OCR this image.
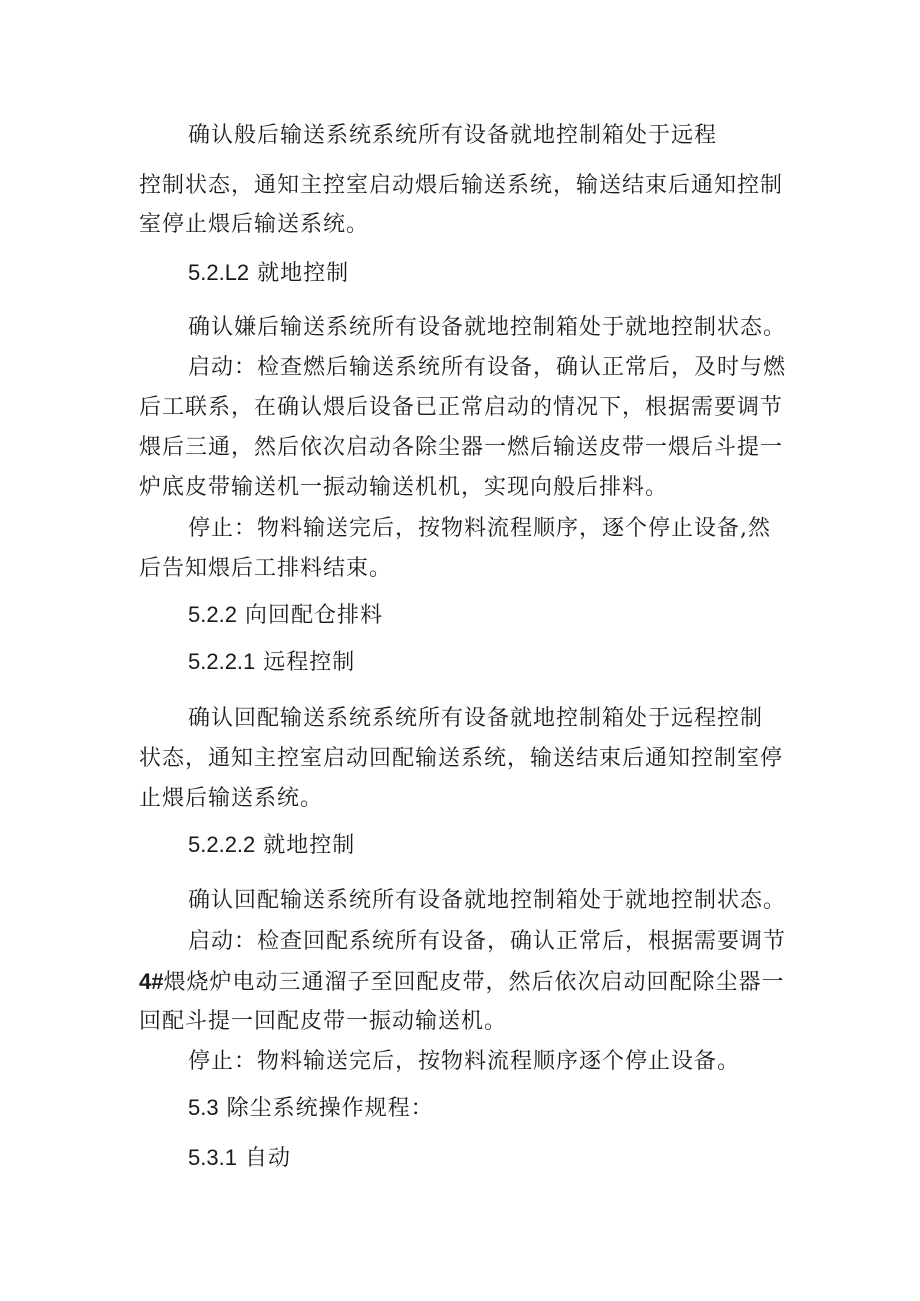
确认般后输送系统系统所有设备就地控制箱处于远程

控制状态，通知主控室启动煨后输送系统，输送结束后通知控制

室停止煨后输送系统。

5.2.L2 就地控制

确认嫌后输送系统所有设备就地控制箱处于就地控制状态。

启动：检查燃后输送系统所有设备，确认正常后，及时与燃

后工联系，在确认煨后设备已正常启动的情况下，根据需要调节

煨后三通，然后依次启动各除尘器一燃后输送皮带一煨后斗提一

炉底皮带输送机一振动输送机机，实现向般后排料。

停止：物料输送完后，按物料流程顺序，逐个停止设备,然

后告知煨后工排料结束。

5.2.2 向回配仓排料

5.2.2.1 远程控制

确认回配输送系统系统所有设备就地控制箱处于远程控制

状态，通知主控室启动回配输送系统，输送结束后通知控制室停

止煨后输送系统。

5.2.2.2 就地控制

确认回配输送系统所有设备就地控制箱处于就地控制状态。

启动：检查回配系统所有设备，确认正常后，根据需要调节

4#煨烧炉电动三通溜子至回配皮带，然后依次启动回配除尘器一

回配斗提一回配皮带一振动输送机。

停止：物料输送完后，按物料流程顺序逐个停止设备。

5.3 除尘系统操作规程：

5.3.1 自动
